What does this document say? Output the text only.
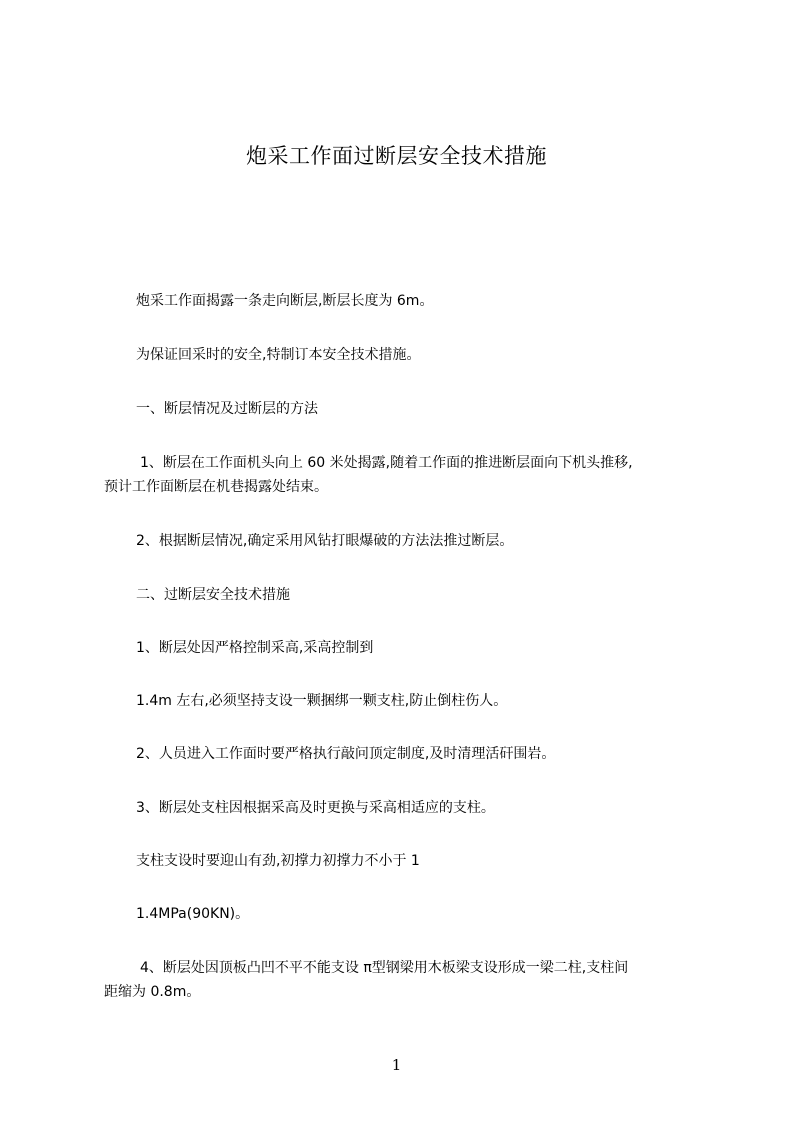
炮采工作面过断层安全技术措施
炮采工作面揭露一条走向断层,断层长度为 6m。
为保证回采时的安全,特制订本安全技术措施。
一、断层情况及过断层的方法
1、断层在工作面机头向上 60 米处揭露,随着工作面的推进断层面向下机头推移,
预计工作面断层在机巷揭露处结束。
2、根据断层情况,确定采用风钻打眼爆破的方法法推过断层。
二、过断层安全技术措施
1、断层处因严格控制采高,采高控制到
1.4m 左右,必须坚持支设一颗捆绑一颗支柱,防止倒柱伤人。
2、人员进入工作面时要严格执行敲问顶定制度,及时清理活矸围岩。
3、断层处支柱因根据采高及时更换与采高相适应的支柱。
支柱支设时要迎山有劲,初撑力初撑力不小于 1
1.4MPa(90KN)。
4、断层处因顶板凸凹不平不能支设 π型钢梁用木板梁支设形成一梁二柱,支柱间
距缩为 0.8m。
1
